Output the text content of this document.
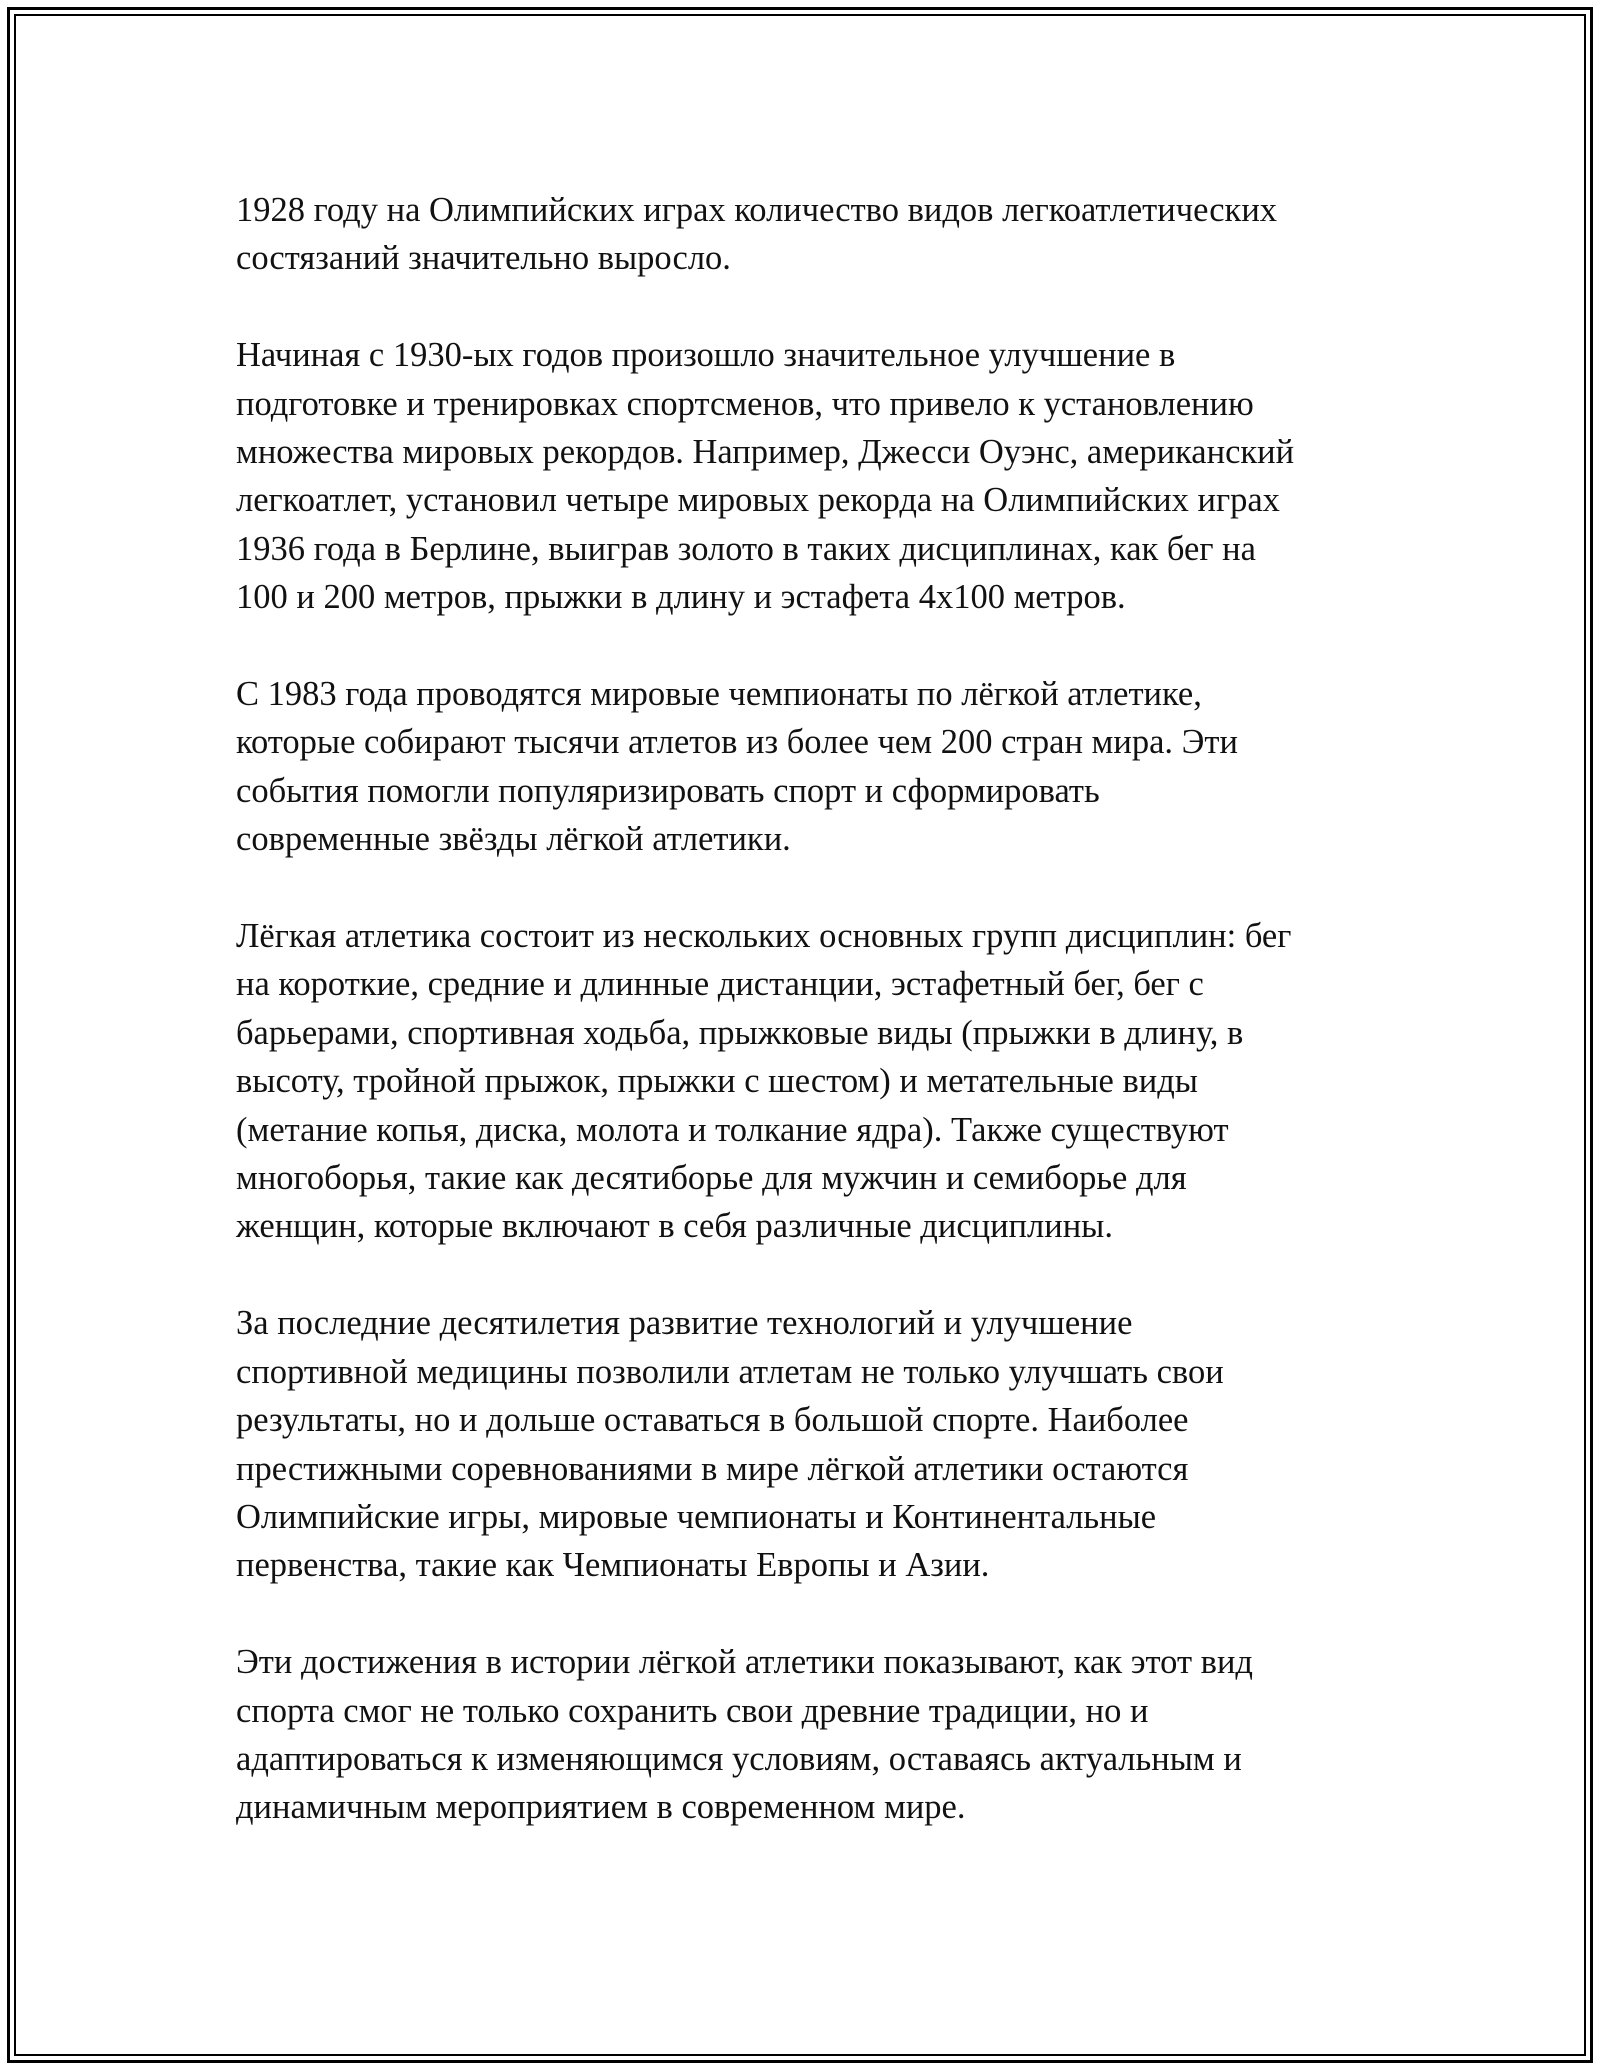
1928 году на Олимпийских играх количество видов легкоатлетических
состязаний значительно выросло.

Начиная с 1930-ых годов произошло значительное улучшение в
подготовке и тренировках спортсменов, что привело к установлению
множества мировых рекордов. Например, Джесси Оуэнс, американский
легкоатлет, установил четыре мировых рекорда на Олимпийских играх
1936 года в Берлине, выиграв золото в таких дисциплинах, как бег на
100 и 200 метров, прыжки в длину и эстафета 4x100 метров.

С 1983 года проводятся мировые чемпионаты по лёгкой атлетике,
которые собирают тысячи атлетов из более чем 200 стран мира. Эти
события помогли популяризировать спорт и сформировать
современные звёзды лёгкой атлетики.

Лёгкая атлетика состоит из нескольких основных групп дисциплин: бег
на короткие, средние и длинные дистанции, эстафетный бег, бег с
барьерами, спортивная ходьба, прыжковые виды (прыжки в длину, в
высоту, тройной прыжок, прыжки с шестом) и метательные виды
(метание копья, диска, молота и толкание ядра). Также существуют
многоборья, такие как десятиборье для мужчин и семиборье для
женщин, которые включают в себя различные дисциплины.

За последние десятилетия развитие технологий и улучшение
спортивной медицины позволили атлетам не только улучшать свои
результаты, но и дольше оставаться в большой спорте. Наиболее
престижными соревнованиями в мире лёгкой атлетики остаются
Олимпийские игры, мировые чемпионаты и Континентальные
первенства, такие как Чемпионаты Европы и Азии.

Эти достижения в истории лёгкой атлетики показывают, как этот вид
спорта смог не только сохранить свои древние традиции, но и
адаптироваться к изменяющимся условиям, оставаясь актуальным и
динамичным мероприятием в современном мире.
